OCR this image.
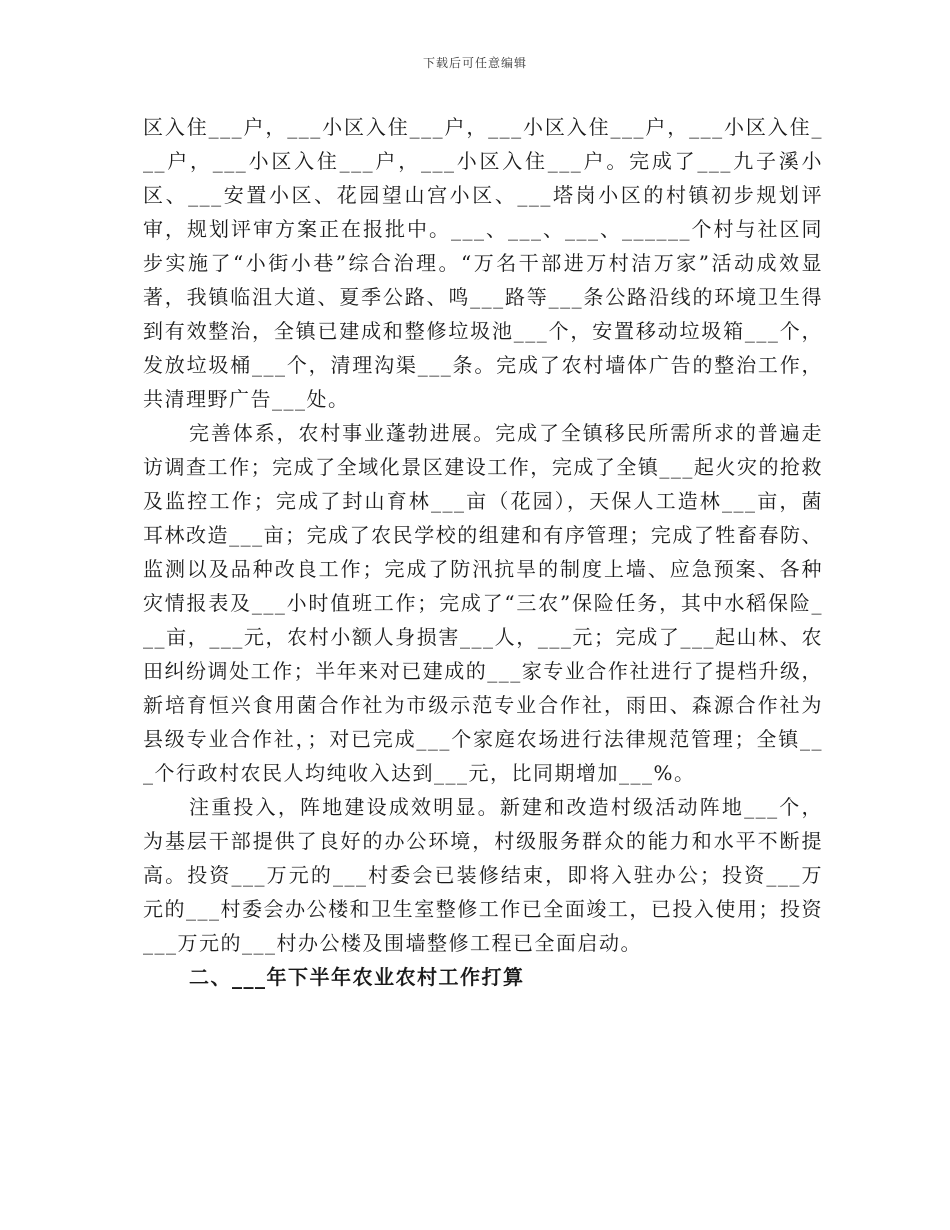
下载后可任意编辑

区入住___户，___小区入住___户，___小区入住___户，___小区入住___户，___小区入住___户，___小区入住___户。完成了___九子溪小区、___安置小区、花园望山宫小区、___塔岗小区的村镇初步规划评审，规划评审方案正在报批中。___、___、___、______个村与社区同步实施了“小街小巷”综合治理。“万名干部进万村洁万家”活动成效显著，我镇临沮大道、夏季公路、鸣___路等___条公路沿线的环境卫生得到有效整治，全镇已建成和整修垃圾池___个，安置移动垃圾箱___个，发放垃圾桶___个，清理沟渠___条。完成了农村墙体广告的整治工作，共清理野广告___处。

完善体系，农村事业蓬勃进展。完成了全镇移民所需所求的普遍走访调查工作；完成了全域化景区建设工作，完成了全镇___起火灾的抢救及监控工作；完成了封山育林___亩（花园），天保人工造林___亩，菌耳林改造___亩；完成了农民学校的组建和有序管理；完成了牲畜春防、监测以及品种改良工作；完成了防汛抗旱的制度上墙、应急预案、各种灾情报表及___小时值班工作；完成了“三农”保险任务，其中水稻保险___亩，___元，农村小额人身损害___人，___元；完成了___起山林、农田纠纷调处工作；半年来对已建成的___家专业合作社进行了提档升级，新培育恒兴食用菌合作社为市级示范专业合作社，雨田、森源合作社为县级专业合作社，；对已完成___个家庭农场进行法律规范管理；全镇___个行政村农民人均纯收入达到___元，比同期增加___%。

注重投入，阵地建设成效明显。新建和改造村级活动阵地___个，为基层干部提供了良好的办公环境，村级服务群众的能力和水平不断提高。投资___万元的___村委会已装修结束，即将入驻办公；投资___万元的___村委会办公楼和卫生室整修工作已全面竣工，已投入使用；投资___万元的___村办公楼及围墙整修工程已全面启动。

二、___年下半年农业农村工作打算
